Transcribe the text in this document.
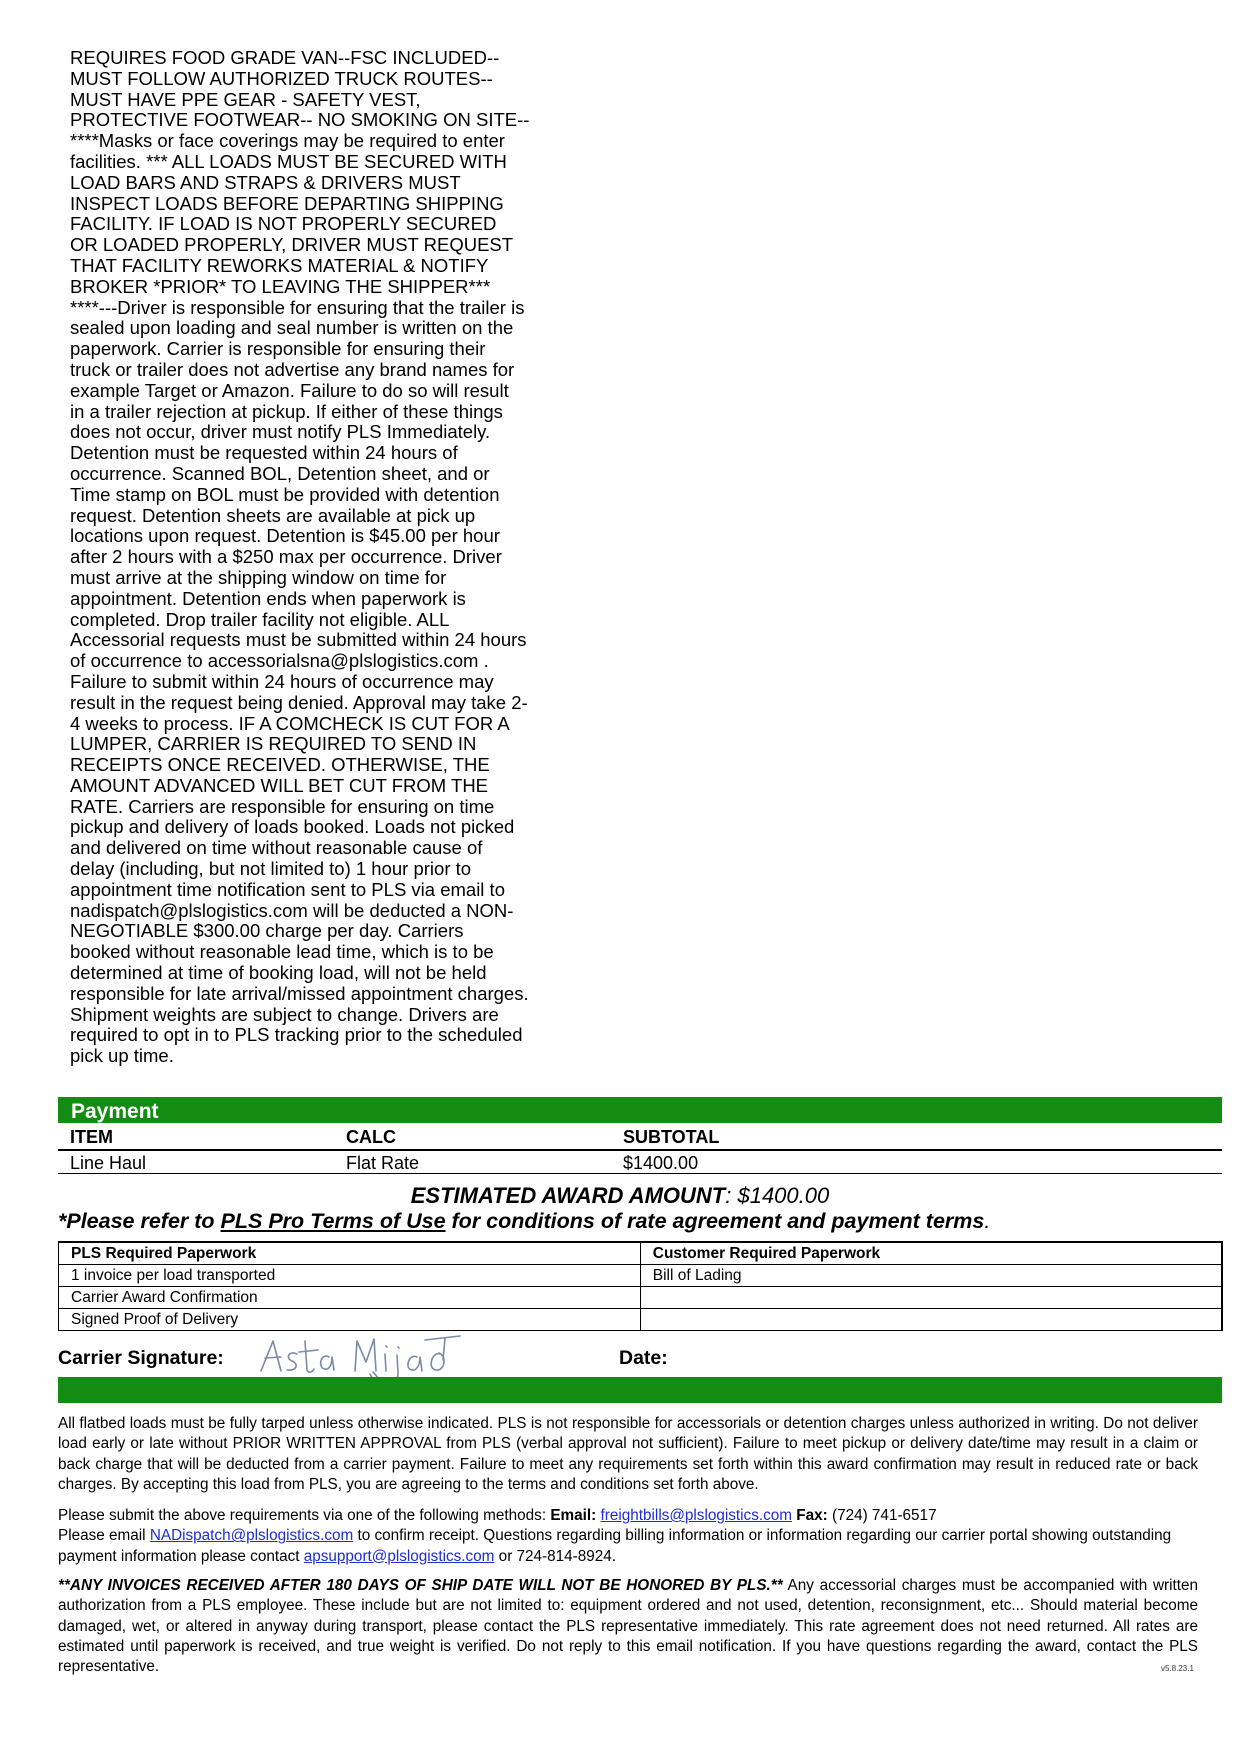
REQUIRES FOOD GRADE VAN--FSC INCLUDED--
MUST FOLLOW AUTHORIZED TRUCK ROUTES--
MUST HAVE PPE GEAR - SAFETY VEST,
PROTECTIVE FOOTWEAR-- NO SMOKING ON SITE--
****Masks or face coverings may be required to enter
facilities. *** ALL LOADS MUST BE SECURED WITH
LOAD BARS AND STRAPS & DRIVERS MUST
INSPECT LOADS BEFORE DEPARTING SHIPPING
FACILITY. IF LOAD IS NOT PROPERLY SECURED
OR LOADED PROPERLY, DRIVER MUST REQUEST
THAT FACILITY REWORKS MATERIAL & NOTIFY
BROKER *PRIOR* TO LEAVING THE SHIPPER***
****---Driver is responsible for ensuring that the trailer is
sealed upon loading and seal number is written on the
paperwork. Carrier is responsible for ensuring their
truck or trailer does not advertise any brand names for
example Target or Amazon. Failure to do so will result
in a trailer rejection at pickup. If either of these things
does not occur, driver must notify PLS Immediately.
Detention must be requested within 24 hours of
occurrence. Scanned BOL, Detention sheet, and or
Time stamp on BOL must be provided with detention
request. Detention sheets are available at pick up
locations upon request. Detention is $45.00 per hour
after 2 hours with a $250 max per occurrence. Driver
must arrive at the shipping window on time for
appointment. Detention ends when paperwork is
completed. Drop trailer facility not eligible. ALL
Accessorial requests must be submitted within 24 hours
of occurrence to accessorialsna@plslogistics.com .
Failure to submit within 24 hours of occurrence may
result in the request being denied. Approval may take 2-
4 weeks to process. IF A COMCHECK IS CUT FOR A
LUMPER, CARRIER IS REQUIRED TO SEND IN
RECEIPTS ONCE RECEIVED. OTHERWISE, THE
AMOUNT ADVANCED WILL BET CUT FROM THE
RATE. Carriers are responsible for ensuring on time
pickup and delivery of loads booked. Loads not picked
and delivered on time without reasonable cause of
delay (including, but not limited to) 1 hour prior to
appointment time notification sent to PLS via email to
nadispatch@plslogistics.com will be deducted a NON-
NEGOTIABLE $300.00 charge per day. Carriers
booked without reasonable lead time, which is to be
determined at time of booking load, will not be held
responsible for late arrival/missed appointment charges.
Shipment weights are subject to change. Drivers are
required to opt in to PLS tracking prior to the scheduled
pick up time.
Payment
ITEM	CALC	SUBTOTAL
Line Haul	Flat Rate	$1400.00
ESTIMATED AWARD AMOUNT: $1400.00
*Please refer to PLS Pro Terms of Use for conditions of rate agreement and payment terms.
PLS Required Paperwork	Customer Required Paperwork
1 invoice per load transported	Bill of Lading
Carrier Award Confirmation	
Signed Proof of Delivery	
Carrier Signature:	Date:
All flatbed loads must be fully tarped unless otherwise indicated. PLS is not responsible for accessorials or detention charges unless authorized in writing. Do not deliver load early or late without PRIOR WRITTEN APPROVAL from PLS (verbal approval not sufficient). Failure to meet pickup or delivery date/time may result in a claim or back charge that will be deducted from a carrier payment. Failure to meet any requirements set forth within this award confirmation may result in reduced rate or back charges. By accepting this load from PLS, you are agreeing to the terms and conditions set forth above.
Please submit the above requirements via one of the following methods: Email: freightbills@plslogistics.com Fax: (724) 741-6517
Please email NADispatch@plslogistics.com to confirm receipt. Questions regarding billing information or information regarding our carrier portal showing outstanding payment information please contact apsupport@plslogistics.com or 724-814-8924.
**ANY INVOICES RECEIVED AFTER 180 DAYS OF SHIP DATE WILL NOT BE HONORED BY PLS.** Any accessorial charges must be accompanied with written authorization from a PLS employee. These include but are not limited to: equipment ordered and not used, detention, reconsignment, etc... Should material become damaged, wet, or altered in anyway during transport, please contact the PLS representative immediately. This rate agreement does not need returned. All rates are estimated until paperwork is received, and true weight is verified. Do not reply to this email notification. If you have questions regarding the award, contact the PLS representative.	v5.8.23.1
